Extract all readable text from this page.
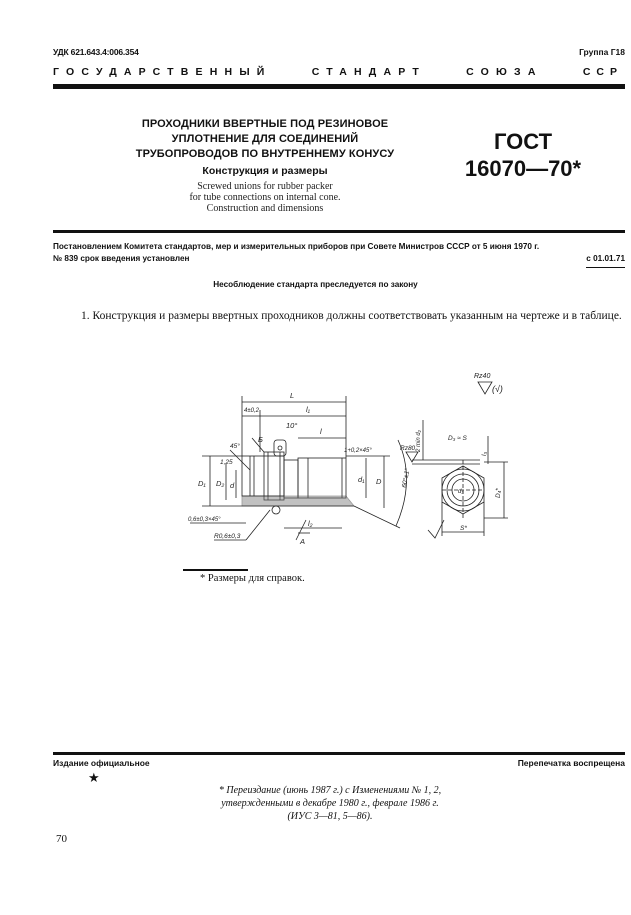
УДК 621.643.4:006.354	Группа Г18
ГОСУДАРСТВЕННЫЙ	СТАНДАРТ	СОЮЗА	ССР
ПРОХОДНИКИ ВВЕРТНЫЕ ПОД РЕЗИНОВОЕ
УПЛОТНЕНИЕ ДЛЯ СОЕДИНЕНИЙ
ТРУБОПРОВОДОВ ПО ВНУТРЕННЕМУ КОНУСУ
Конструкция и размеры
Screwed unions for rubber packer
for tube connections on internal cone.
Construction and dimensions
ГОСТ
16070—70*
Постановлением Комитета стандартов, мер и измерительных приборов при Совете Министров СССР от 5 июня 1970 г.
№ 839 срок введения установлен	с 01.01.71
Несоблюдение стандарта преследуется по закону
1. Конструкция и размеры ввертных проходников должны соответствовать указанным на чертеже и в таблице.
L
l₁
4±0,2
10°
l
1+0,2×45°
45°
1,25
Б
D₁ D₂ d
d₁ D	60°±1°
0,6±0,3×45°
R0,6±0,3
А
l₂
Rz40
(√)
Rz80 2 min d₂	D₃ ≈ S
D₄*
S*
l₃
d₃
* Размеры для справок.
Издание официальное	Перепечатка воспрещена
★
* Переиздание (июнь 1987 г.) с Изменениями № 1, 2,
утвержденными в декабре 1980 г., феврале 1986 г.
(ИУС 3—81, 5—86).
70
